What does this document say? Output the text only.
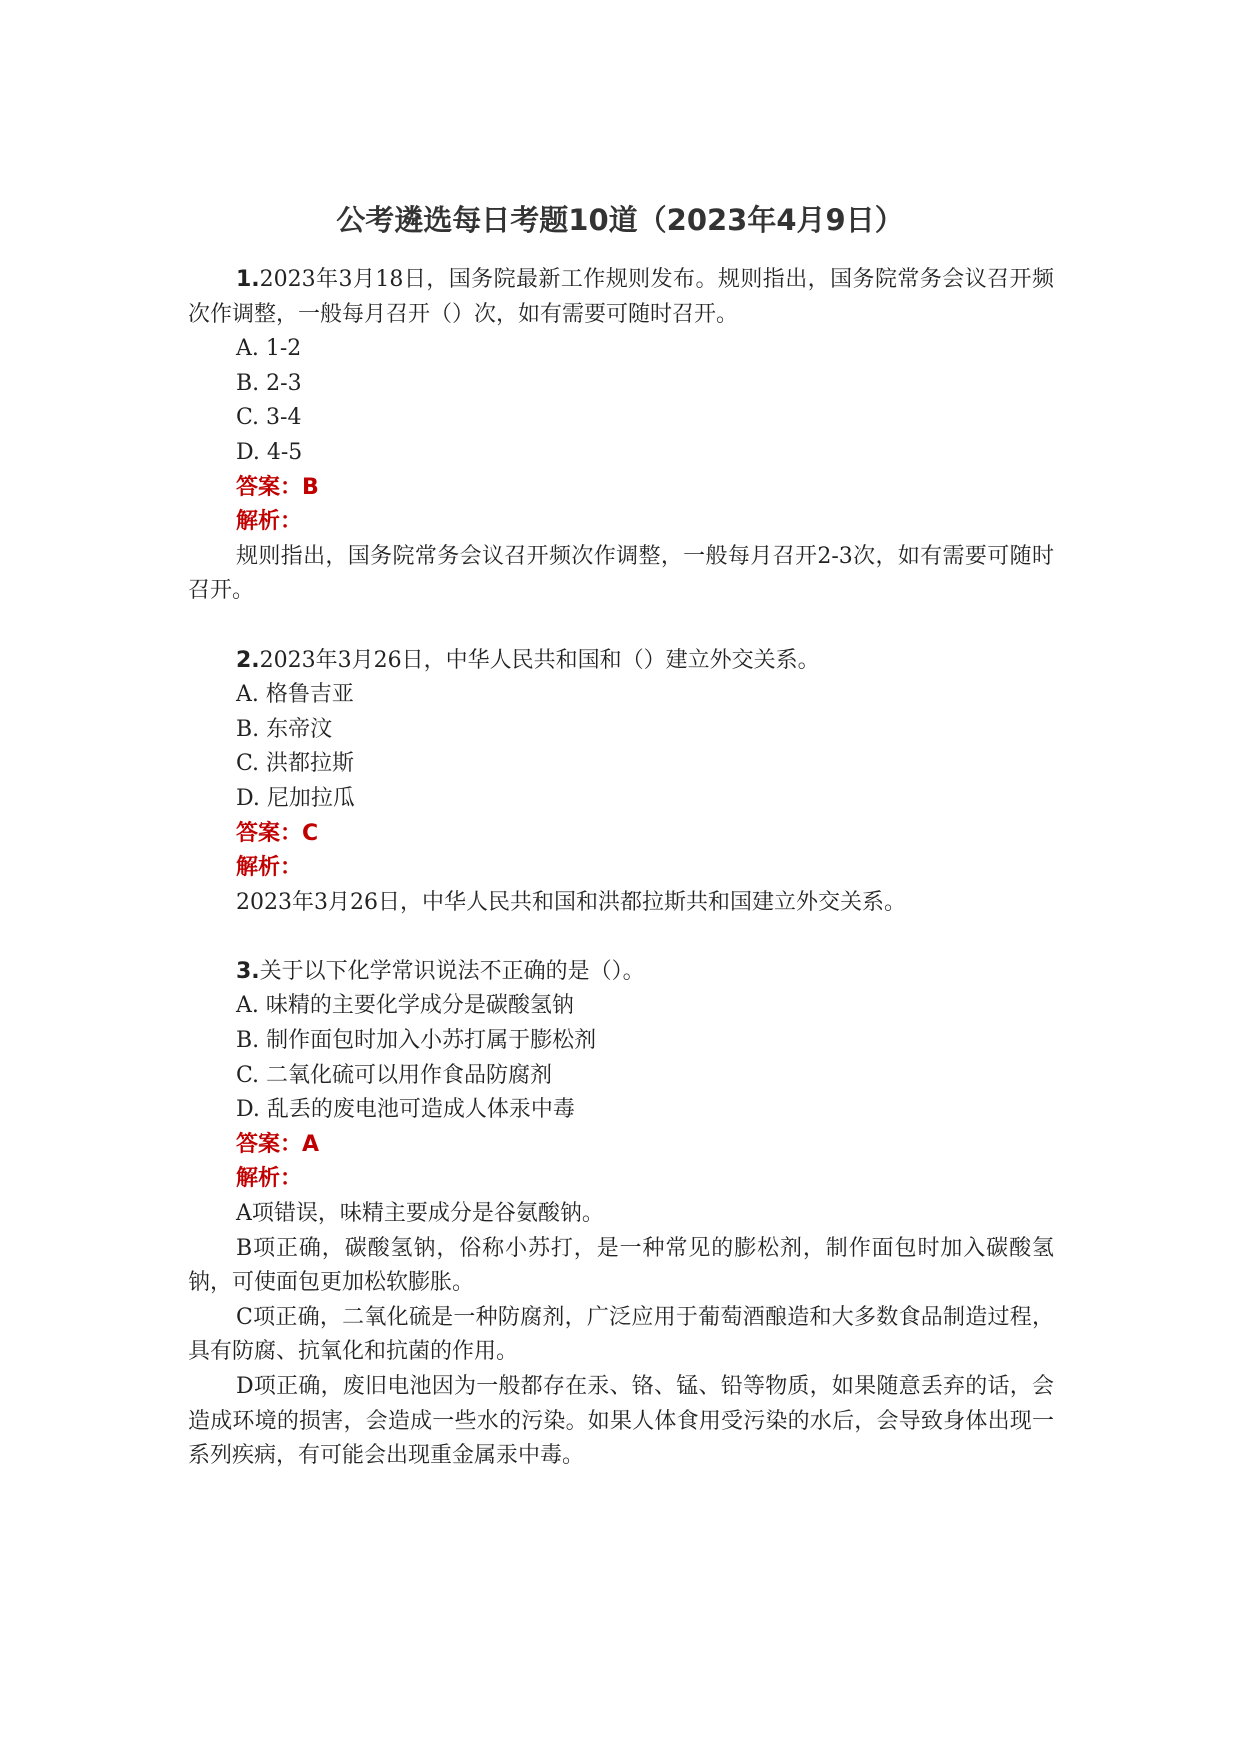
公考遴选每日考题10道（2023年4月9日）

1.2023年3月18日，国务院最新工作规则发布。规则指出，国务院常务会议召开频次作调整，一般每月召开（）次，如有需要可随时召开。

A. 1-2

B. 2-3

C. 3-4

D. 4-5

答案：B

解析：

规则指出，国务院常务会议召开频次作调整，一般每月召开2-3次，如有需要可随时召开。

2.2023年3月26日，中华人民共和国和（）建立外交关系。

A. 格鲁吉亚

B. 东帝汶

C. 洪都拉斯

D. 尼加拉瓜

答案：C

解析：

2023年3月26日，中华人民共和国和洪都拉斯共和国建立外交关系。

3.关于以下化学常识说法不正确的是（）。

A. 味精的主要化学成分是碳酸氢钠

B. 制作面包时加入小苏打属于膨松剂

C. 二氧化硫可以用作食品防腐剂

D. 乱丢的废电池可造成人体汞中毒

答案：A

解析：

A项错误，味精主要成分是谷氨酸钠。

B项正确，碳酸氢钠，俗称小苏打，是一种常见的膨松剂，制作面包时加入碳酸氢钠，可使面包更加松软膨胀。

C项正确，二氧化硫是一种防腐剂，广泛应用于葡萄酒酿造和大多数食品制造过程，具有防腐、抗氧化和抗菌的作用。

D项正确，废旧电池因为一般都存在汞、铬、锰、铅等物质，如果随意丢弃的话，会造成环境的损害，会造成一些水的污染。如果人体食用受污染的水后，会导致身体出现一系列疾病，有可能会出现重金属汞中毒。
